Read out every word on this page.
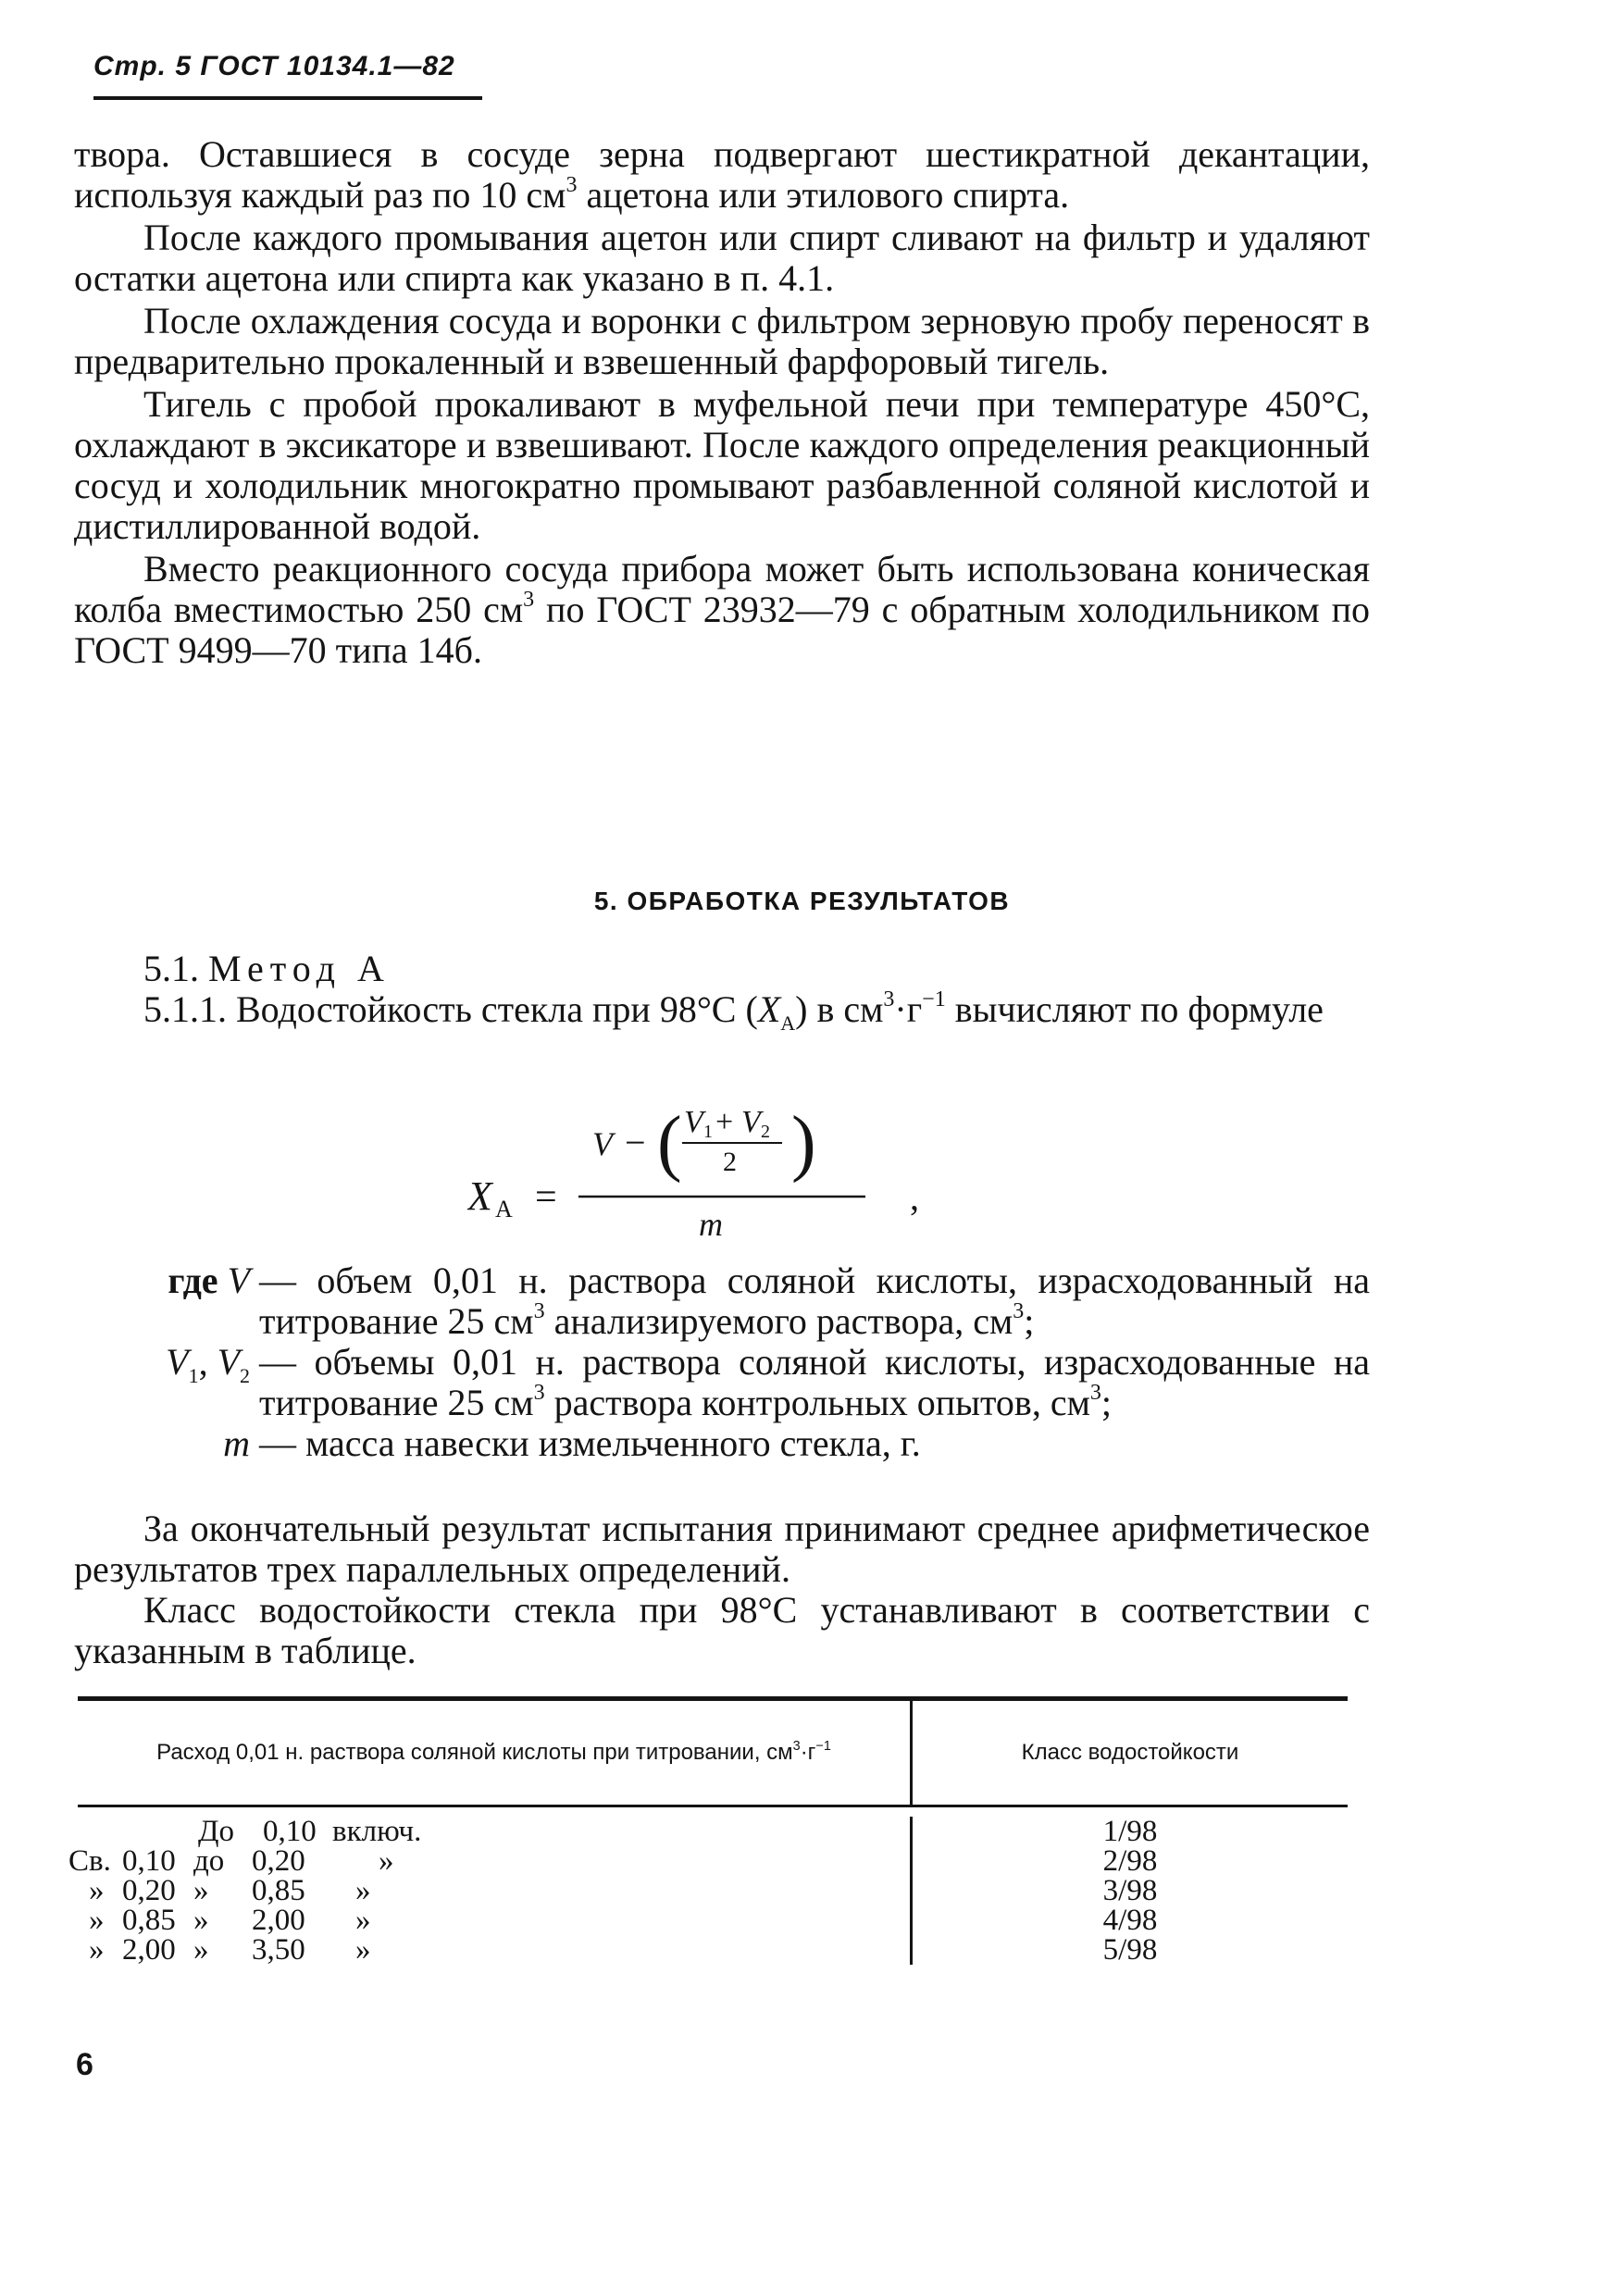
Стр. 5 ГОСТ 10134.1—82

твора. Оставшиеся в сосуде зерна подвергают шестикратной декантации, используя каждый раз по 10 $см^3$ ацетона или этилового спирта.

После каждого промывания ацетон или спирт сливают на фильтр и удаляют остатки ацетона или спирта как указано в п. 4.1.

После охлаждения сосуда и воронки с фильтром зерновую пробу переносят в предварительно прокаленный и взвешенный фарфоровый тигель.

Тигель с пробой прокаливают в муфельной печи при температуре 450°С, охлаждают в эксикаторе и взвешивают. После каждого определения реакционный сосуд и холодильник многократно промывают разбавленной соляной кислотой и дистиллированной водой.

Вместо реакционного сосуда прибора может быть использована коническая колба вместимостью 250 $см^3$ по ГОСТ 23932—79 с обратным холодильником по ГОСТ 9499—70 типа 14б.

5. ОБРАБОТКА РЕЗУЛЬТАТОВ

5.1. Метод А

5.1.1. Водостойкость стекла при 98°С $(X_А)$ в $см^3\cdot г^{-1}$ вычисляют по формуле

X А =
V − ( )
V 1 + V 2
2
m
,
где V — объем 0,01 н. раствора соляной кислоты, израсходованный на титрование 25 $см^3$ анализируемого раствора, $см^3$;
$V_1$, $V_2$ — объемы 0,01 н. раствора соляной кислоты, израсходованные на титрование 25 $см^3$ раствора контрольных опытов, $см^3$;
m — масса навески измельченного стекла, г.

За окончательный результат испытания принимают среднее арифметическое результатов трех параллельных определений.

Класс водостойкости стекла при 98°С устанавливают в соответствии с указанным в таблице.

Расход 0,01 н. раствора соляной кислоты при титровании, $см^3\cdot г^{-1}$	Класс водостойкости
До 0,10 включ.
Св. 0,10 до 0,20 »
» 0,20 » 0,85 »
» 0,85 » 2,00 »
» 2,00 » 3,50 »
1/98
2/98
3/98
4/98
5/98
6
